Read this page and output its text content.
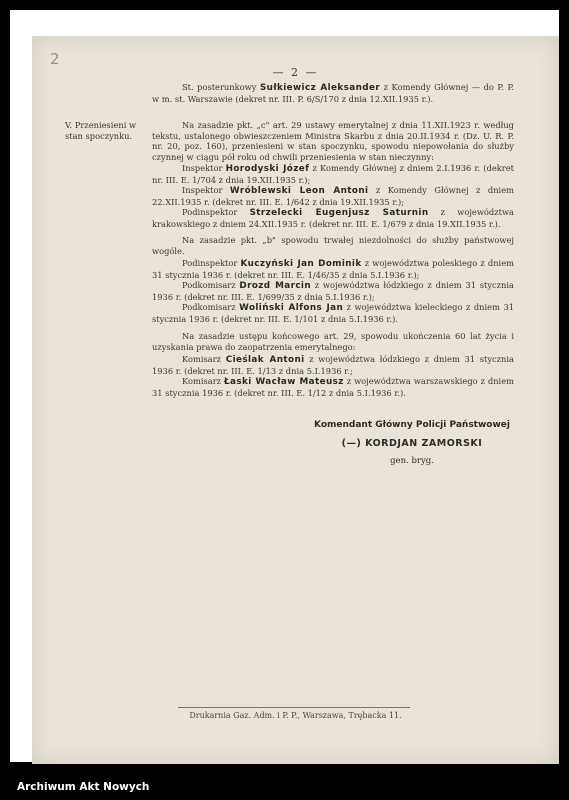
2
— 2 —
V. Przeniesieni w stan spoczynku.

St. posterunkowy Sułkiewicz Aleksander z Komendy Głównej — do P. P. w m. st. Warszawie (dekret nr. III. P. 6/S/170 z dnia 12.XII.1935 r.).

Na zasadzie pkt. „c" art. 29 ustawy emerytalnej z dnia 11.XII.1923 r. według tekstu, ustalonego obwieszczeniem Ministra Skarbu z dnia 20.II.1934 r. (Dz. U. R. P. nr. 20, poz. 160), przeniesieni w stan spoczynku, spowodu niepowołania do służby czynnej w ciągu pół roku od chwili przeniesienia w stan nieczynny:

Inspektor Horodyski Józef z Komendy Głównej z dniem 2.I.1936 r. (dekret nr. III. E. 1/704 z dnia 19.XII.1935 r.);

Inspektor Wróblewski Leon Antoni z Komendy Głównej z dniem 22.XII.1935 r. (dekret nr. III. E. 1/642 z dnia 19.XII.1935 r.);

Podinspektor Strzelecki Eugenjusz Saturnin z województwa krakowskiego z dniem 24.XII.1935 r. (dekret nr. III. E. 1/679 z dnia 19.XII.1935 r.).

Na zasadzie pkt. „b" spowodu trwałej niezdolności do służby państwowej wogóle.

Podinspektor Kuczyński Jan Dominik z województwa poleskiego z dniem 31 stycznia 1936 r. (dekret nr. III. E. 1/46/35 z dnia 5.I.1936 r.);

Podkomisarz Drozd Marcin z województwa łódzkiego z dniem 31 stycznia 1936 r. (dekret nr. III. E. 1/699/35 z dnia 5.I.1936 r.);

Podkomisarz Woliński Alfons Jan z województwa kieleckiego z dniem 31 stycznia 1936 r. (dekret nr. III. E. 1/101 z dnia 5.I.1936 r.).

Na zasadzie ustępu końcowego art. 29, spowodu ukończenia 60 lat życia i uzyskania prawa do zaopatrzenia emerytalnego:

Komisarz Cieślak Antoni z województwa łódzkiego z dniem 31 stycznia 1936 r. (dekret nr. III. E. 1/13 z dnia 5.I.1936 r.;

Komisarz Łaski Wacław Mateusz z województwa warszawskiego z dniem 31 stycznia 1936 r. (dekret nr. III. E. 1/12 z dnia 5.I.1936 r.).

Komendant Główny Policji Państwowej
(—) KORDJAN ZAMORSKI
gen. bryg.
Drukarnia Gaz. Adm. i P. P., Warszawa, Trębacka 11.
Archiwum Akt Nowych
